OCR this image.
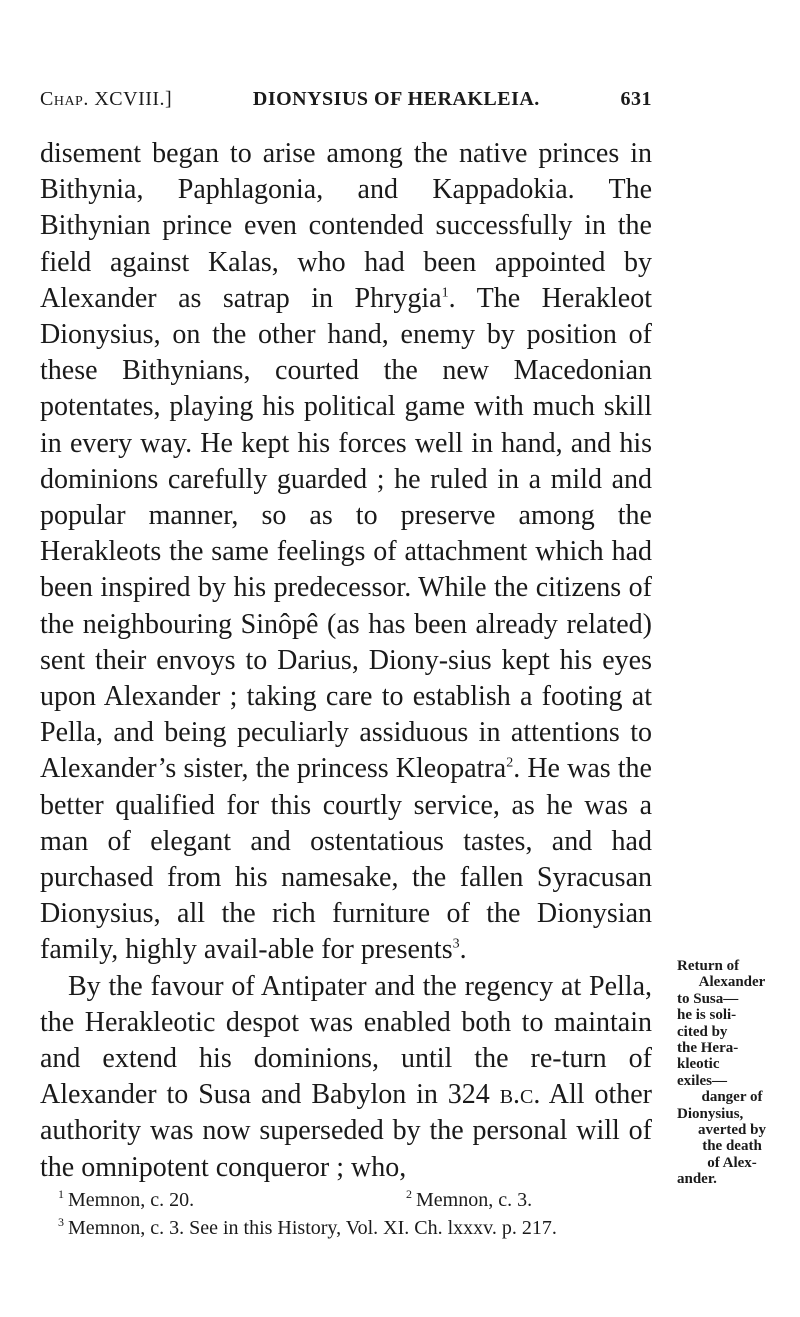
Chap. XCVIII.]	DIONYSIUS OF HERAKLEIA.	631

disement began to arise among the native princes in Bithynia, Paphlagonia, and Kappadokia. The Bithynian prince even contended successfully in the field against Kalas, who had been appointed by Alexander as satrap in Phrygia$^1$. The Herakleot Dionysius, on the other hand, enemy by position of these Bithynians, courted the new Macedonian potentates, playing his political game with much skill in every way. He kept his forces well in hand, and his dominions carefully guarded ; he ruled in a mild and popular manner, so as to preserve among the Herakleots the same feelings of attachment which had been inspired by his predecessor. While the citizens of the neighbouring Sinôpê (as has been already related) sent their envoys to Darius, Diony-sius kept his eyes upon Alexander ; taking care to establish a footing at Pella, and being peculiarly assiduous in attentions to Alexander’s sister, the princess Kleopatra$^2$. He was the better qualified for this courtly service, as he was a man of elegant and ostentatious tastes, and had purchased from his namesake, the fallen Syracusan Dionysius, all the rich furniture of the Dionysian family, highly avail-able for presents$^3$.

By the favour of Antipater and the regency at Pella, the Herakleotic despot was enabled both to maintain and extend his dominions, until the re-turn of Alexander to Susa and Babylon in 324 b.c. All other authority was now superseded by the personal will of the omnipotent conqueror ; who,

Return of
Alexander
to Susa—
he is soli-
cited by
the Hera-
kleotic
exiles—
danger of
Dionysius,
averted by
the death
of Alex-
ander.
$^1$ Memnon, c. 20.	$^2$ Memnon, c. 3.
$^3$ Memnon, c. 3. See in this History, Vol. XI. Ch. lxxxv. p. 217.
